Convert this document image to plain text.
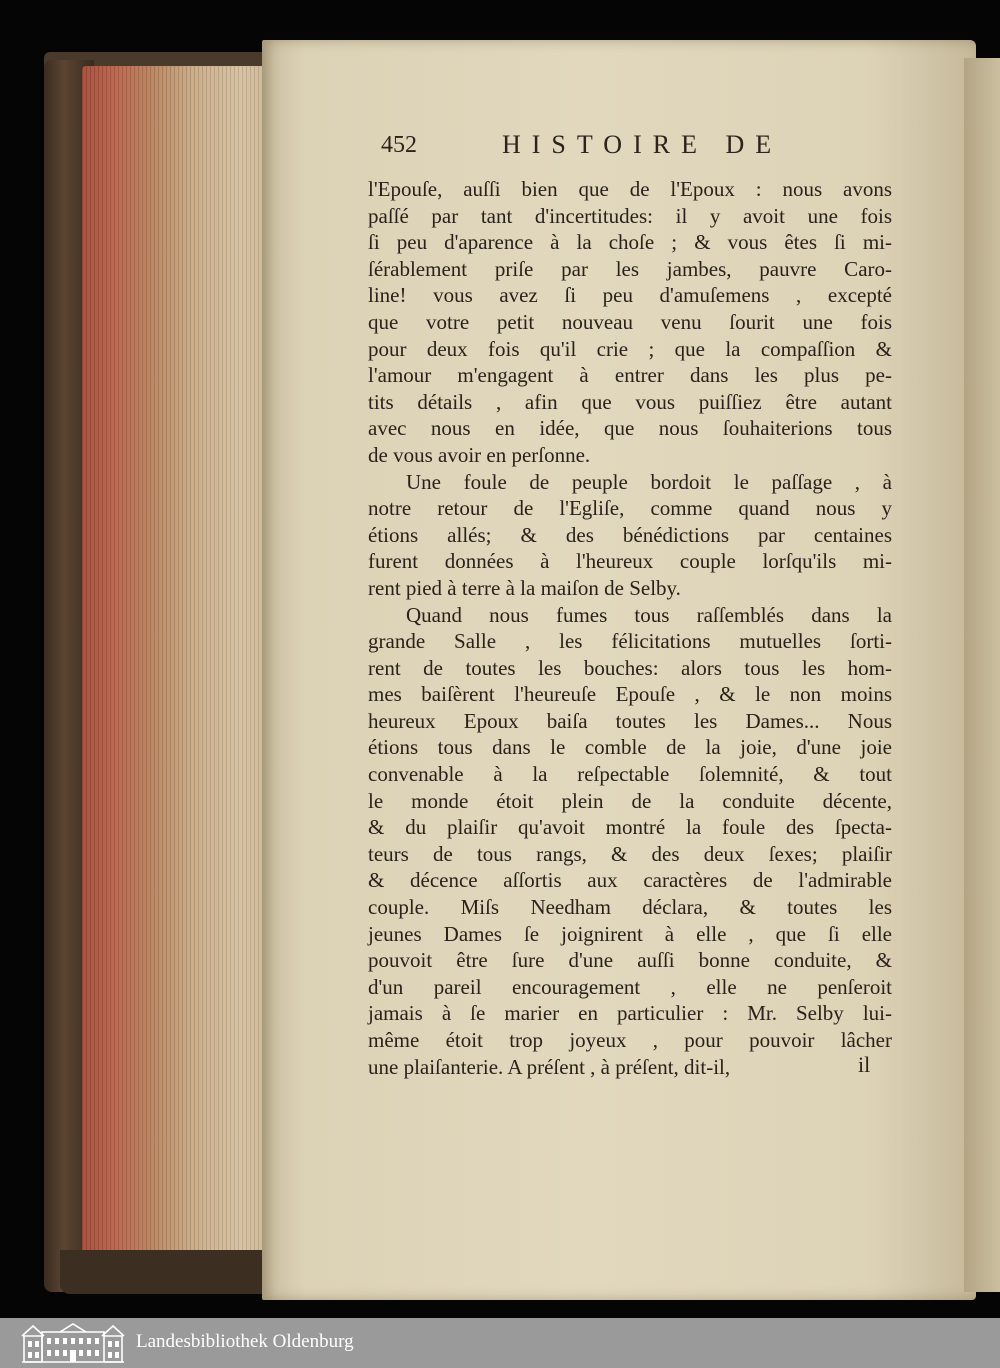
452	HISTOIRE DE
l'Epouſe, auſſi bien que de l'Epoux : nous avons
paſſé par tant d'incertitudes: il y avoit une fois
ſi peu d'aparence à la choſe ; & vous êtes ſi mi-
ſérablement priſe par les jambes, pauvre Caro-
line! vous avez ſi peu d'amuſemens , excepté
que votre petit nouveau venu ſourit une fois
pour deux fois qu'il crie ; que la compaſſion &
l'amour m'engagent à entrer dans les plus pe-
tits détails , afin que vous puiſſiez être autant
avec nous en idée, que nous ſouhaiterions tous
de vous avoir en perſonne.
Une foule de peuple bordoit le paſſage , à
notre retour de l'Egliſe, comme quand nous y
étions allés; & des bénédictions par centaines
furent données à l'heureux couple lorſqu'ils mi-
rent pied à terre à la maiſon de Selby.
Quand nous fumes tous raſſemblés dans la
grande Salle , les félicitations mutuelles ſorti-
rent de toutes les bouches: alors tous les hom-
mes baiſèrent l'heureuſe Epouſe , & le non moins
heureux Epoux baiſa toutes les Dames... Nous
étions tous dans le comble de la joie, d'une joie
convenable à la reſpectable ſolemnité, & tout
le monde étoit plein de la conduite décente,
& du plaiſir qu'avoit montré la foule des ſpecta-
teurs de tous rangs, & des deux ſexes; plaiſir
& décence aſſortis aux caractères de l'admirable
couple. Miſs Needham déclara, & toutes les
jeunes Dames ſe joignirent à elle , que ſi elle
pouvoit être ſure d'une auſſi bonne conduite, &
d'un pareil encouragement , elle ne penſeroit
jamais à ſe marier en particulier : Mr. Selby lui-
même étoit trop joyeux , pour pouvoir lâcher
une plaiſanterie. A préſent , à préſent, dit-il,	il
Landesbibliothek Oldenburg
